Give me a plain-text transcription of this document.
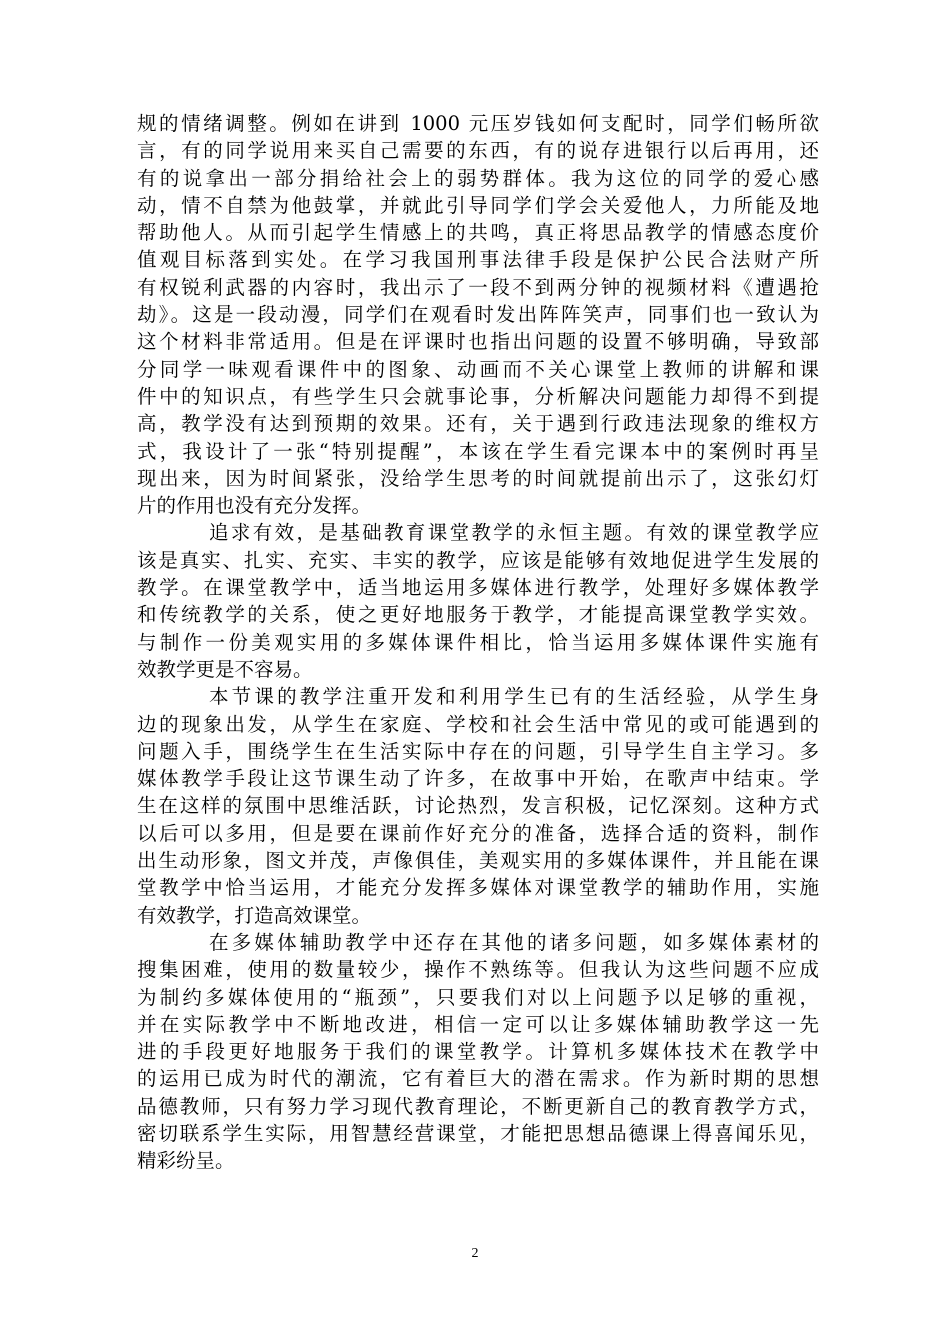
规的情绪调整。例如在讲到 1000 元压岁钱如何支配时，同学们畅所欲
言，有的同学说用来买自己需要的东西，有的说存进银行以后再用，还
有的说拿出一部分捐给社会上的弱势群体。我为这位的同学的爱心感
动，情不自禁为他鼓掌，并就此引导同学们学会关爱他人，力所能及地
帮助他人。从而引起学生情感上的共鸣，真正将思品教学的情感态度价
值观目标落到实处。在学习我国刑事法律手段是保护公民合法财产所
有权锐利武器的内容时，我出示了一段不到两分钟的视频材料《遭遇抢
劫》。这是一段动漫，同学们在观看时发出阵阵笑声，同事们也一致认为
这个材料非常适用。但是在评课时也指出问题的设置不够明确，导致部
分同学一味观看课件中的图象、动画而不关心课堂上教师的讲解和课
件中的知识点，有些学生只会就事论事，分析解决问题能力却得不到提
高，教学没有达到预期的效果。还有，关于遇到行政违法现象的维权方
式，我设计了一张“特别提醒”，本该在学生看完课本中的案例时再呈
现出来，因为时间紧张，没给学生思考的时间就提前出示了，这张幻灯
片的作用也没有充分发挥。
追求有效，是基础教育课堂教学的永恒主题。有效的课堂教学应
该是真实、扎实、充实、丰实的教学，应该是能够有效地促进学生发展的
教学。在课堂教学中，适当地运用多媒体进行教学，处理好多媒体教学
和传统教学的关系，使之更好地服务于教学，才能提高课堂教学实效。
与制作一份美观实用的多媒体课件相比，恰当运用多媒体课件实施有
效教学更是不容易。
本节课的教学注重开发和利用学生已有的生活经验，从学生身
边的现象出发，从学生在家庭、学校和社会生活中常见的或可能遇到的
问题入手，围绕学生在生活实际中存在的问题，引导学生自主学习。多
媒体教学手段让这节课生动了许多，在故事中开始，在歌声中结束。学
生在这样的氛围中思维活跃，讨论热烈，发言积极，记忆深刻。这种方式
以后可以多用，但是要在课前作好充分的准备，选择合适的资料，制作
出生动形象，图文并茂，声像俱佳，美观实用的多媒体课件，并且能在课
堂教学中恰当运用，才能充分发挥多媒体对课堂教学的辅助作用，实施
有效教学，打造高效课堂。
在多媒体辅助教学中还存在其他的诸多问题，如多媒体素材的
搜集困难，使用的数量较少，操作不熟练等。但我认为这些问题不应成
为制约多媒体使用的“瓶颈”，只要我们对以上问题予以足够的重视，
并在实际教学中不断地改进，相信一定可以让多媒体辅助教学这一先
进的手段更好地服务于我们的课堂教学。计算机多媒体技术在教学中
的运用已成为时代的潮流，它有着巨大的潜在需求。作为新时期的思想
品德教师，只有努力学习现代教育理论，不断更新自己的教育教学方式，
密切联系学生实际，用智慧经营课堂，才能把思想品德课上得喜闻乐见，
精彩纷呈。
2
